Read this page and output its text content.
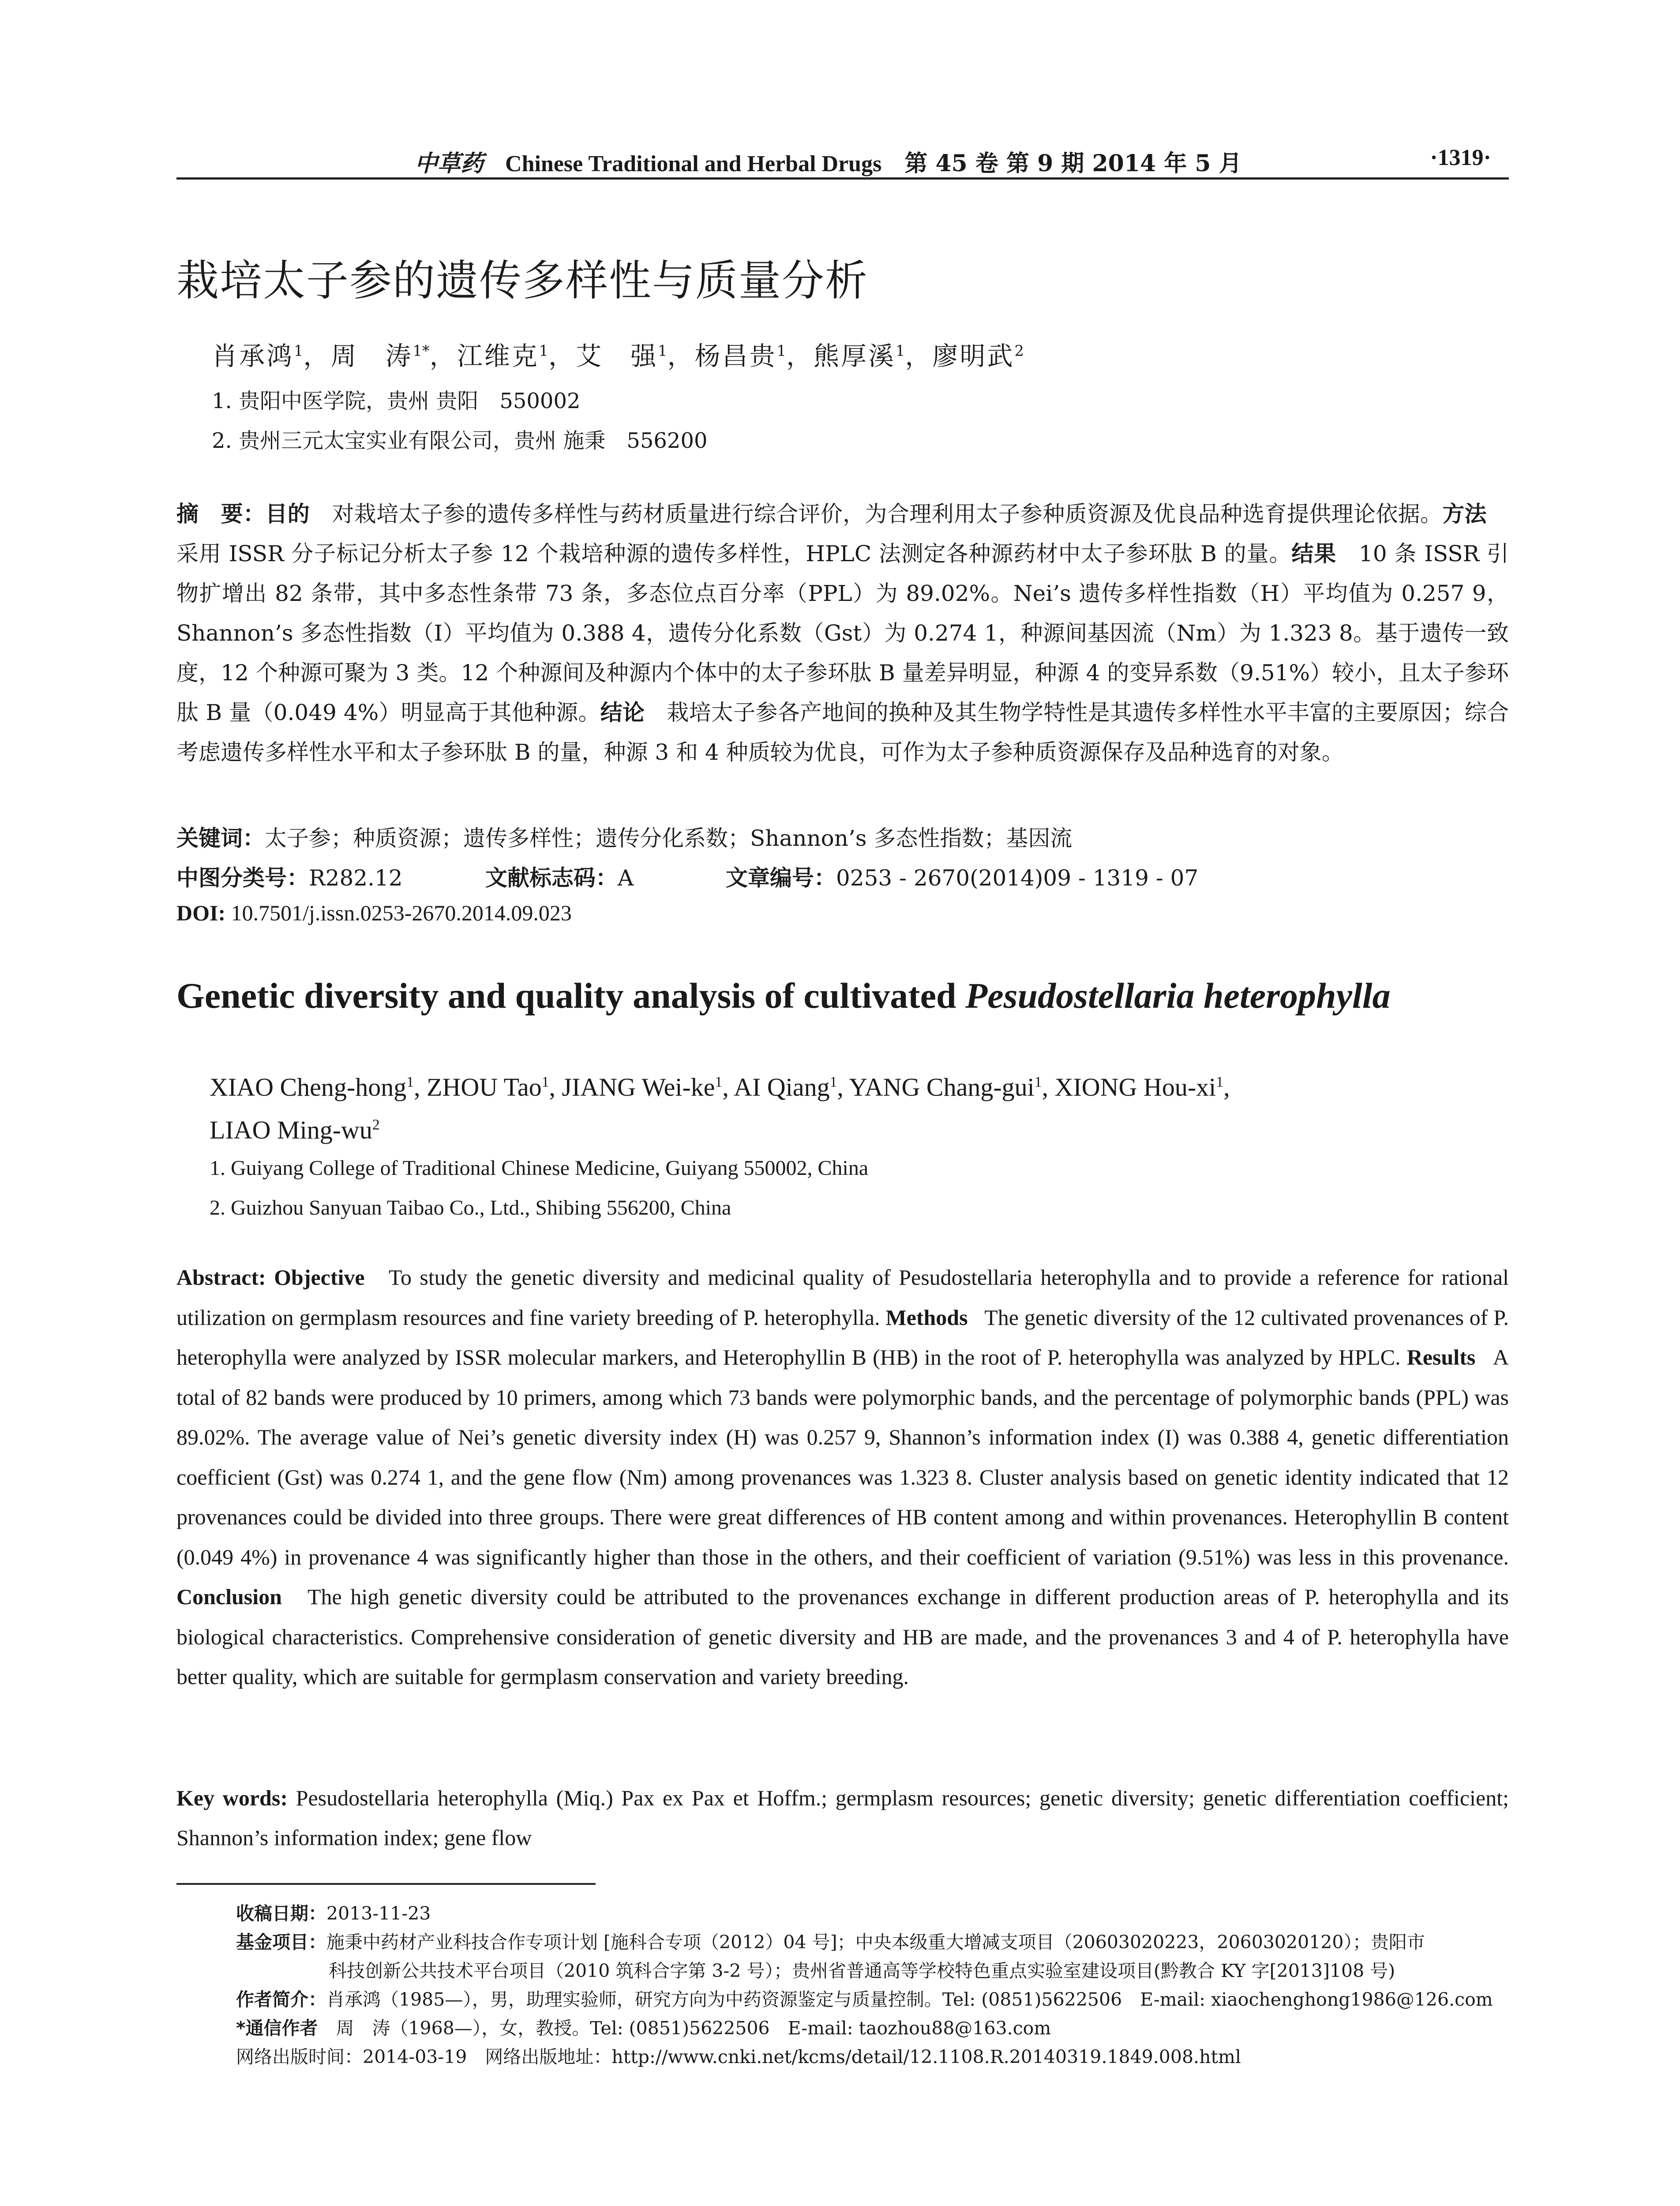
中草药 Chinese Traditional and Herbal Drugs 第 45 卷 第 9 期 2014 年 5 月	·1319·
栽培太子参的遗传多样性与质量分析
肖承鸿$^1$，周　涛$^{1*}$，江维克$^1$，艾　强$^1$，杨昌贵$^1$，熊厚溪$^1$，廖明武$^2$
1. 贵阳中医学院，贵州 贵阳　550002
2. 贵州三元太宝实业有限公司，贵州 施秉　556200
摘　要：目的　对栽培太子参的遗传多样性与药材质量进行综合评价，为合理利用太子参种质资源及优良品种选育提供理论依据。方法　采用 ISSR 分子标记分析太子参 12 个栽培种源的遗传多样性，HPLC 法测定各种源药材中太子参环肽 B 的量。结果　10 条 ISSR 引物扩增出 82 条带，其中多态性条带 73 条，多态位点百分率（PPL）为 89.02%。Nei’s 遗传多样性指数（H）平均值为 0.257 9，Shannon’s 多态性指数（I）平均值为 0.388 4，遗传分化系数（Gst）为 0.274 1，种源间基因流（Nm）为 1.323 8。基于遗传一致度，12 个种源可聚为 3 类。12 个种源间及种源内个体中的太子参环肽 B 量差异明显，种源 4 的变异系数（9.51%）较小，且太子参环肽 B 量（0.049 4%）明显高于其他种源。结论　栽培太子参各产地间的换种及其生物学特性是其遗传多样性水平丰富的主要原因；综合考虑遗传多样性水平和太子参环肽 B 的量，种源 3 和 4 种质较为优良，可作为太子参种质资源保存及品种选育的对象。
关键词：太子参；种质资源；遗传多样性；遗传分化系数；Shannon’s 多态性指数；基因流
中图分类号：R282.12	文献标志码：A	文章编号：0253 - 2670(2014)09 - 1319 - 07
DOI: 10.7501/j.issn.0253-2670.2014.09.023
Genetic diversity and quality analysis of cultivated Pesudostellaria heterophylla
XIAO Cheng-hong$^1$, ZHOU Tao$^1$, JIANG Wei-$ke^1$, AI Qiang$^1$, YANG Chang-gui$^1$, XIONG Hou-$xi^1$,
LIAO Ming-$wu^2$
1. Guiyang College of Traditional Chinese Medicine, Guiyang 550002, China
2. Guizhou Sanyuan Taibao Co., Ltd., Shibing 556200, China
Abstract: Objective To study the genetic diversity and medicinal quality of Pesudostellaria heterophylla and to provide a reference for rational utilization on germplasm resources and fine variety breeding of P. heterophylla. Methods The genetic diversity of the 12 cultivated provenances of P. heterophylla were analyzed by ISSR molecular markers, and Heterophyllin B (HB) in the root of P. heterophylla was analyzed by HPLC. Results A total of 82 bands were produced by 10 primers, among which 73 bands were polymorphic bands, and the percentage of polymorphic bands (PPL) was 89.02%. The average value of Nei’s genetic diversity index (H) was 0.257 9, Shannon’s information index (I) was 0.388 4, genetic differentiation coefficient (Gst) was 0.274 1, and the gene flow (Nm) among provenances was 1.323 8. Cluster analysis based on genetic identity indicated that 12 provenances could be divided into three groups. There were great differences of HB content among and within provenances. Heterophyllin B content (0.049 4%) in provenance 4 was significantly higher than those in the others, and their coefficient of variation (9.51%) was less in this provenance. Conclusion The high genetic diversity could be attributed to the provenances exchange in different production areas of P. heterophylla and its biological characteristics. Comprehensive consideration of genetic diversity and HB are made, and the provenances 3 and 4 of P. heterophylla have better quality, which are suitable for germplasm conservation and variety breeding.
Key words: Pesudostellaria heterophylla (Miq.) Pax ex Pax et Hoffm.; germplasm resources; genetic diversity; genetic differentiation coefficient; Shannon’s information index; gene flow
收稿日期：2013-11-23
基金项目：施秉中药材产业科技合作专项计划 [施科合专项（2012）04 号]；中央本级重大增减支项目（20603020223，20603020120）；贵阳市
科技创新公共技术平台项目（2010 筑科合字第 3-2 号）；贵州省普通高等学校特色重点实验室建设项目(黔教合 KY 字[2013]108 号)
作者简介：肖承鸿（1985—），男，助理实验师，研究方向为中药资源鉴定与质量控制。Tel: (0851)5622506　E-mail: xiaochenghong1986@126.com
*通信作者　周　涛（1968—），女，教授。Tel: (0851)5622506　E-mail: taozhou88@163.com
网络出版时间：2014-03-19　网络出版地址：http://www.cnki.net/kcms/detail/12.1108.R.20140319.1849.008.html
